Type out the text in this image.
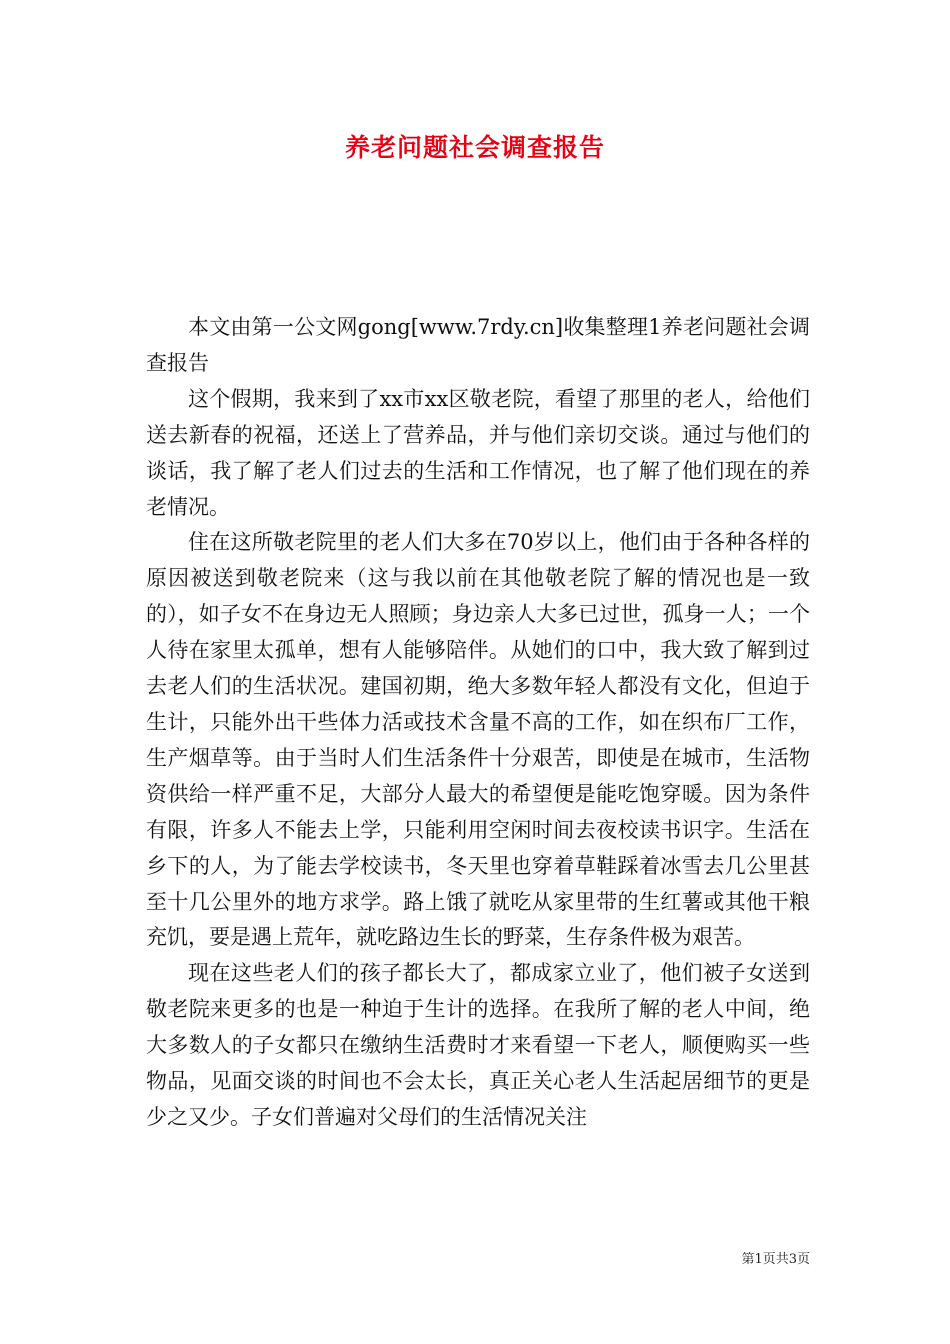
养老问题社会调查报告

本文由第一公文网gong[www.7rdy.cn]收集整理1养老问题社会调查报告

这个假期，我来到了xx市xx区敬老院，看望了那里的老人，给他们送去新春的祝福，还送上了营养品，并与他们亲切交谈。通过与他们的谈话，我了解了老人们过去的生活和工作情况，也了解了他们现在的养老情况。

住在这所敬老院里的老人们大多在70岁以上，他们由于各种各样的原因被送到敬老院来（这与我以前在其他敬老院了解的情况也是一致的），如子女不在身边无人照顾；身边亲人大多已过世，孤身一人；一个人待在家里太孤单，想有人能够陪伴。从她们的口中，我大致了解到过去老人们的生活状况。建国初期，绝大多数年轻人都没有文化，但迫于生计，只能外出干些体力活或技术含量不高的工作，如在织布厂工作，生产烟草等。由于当时人们生活条件十分艰苦，即使是在城市，生活物资供给一样严重不足，大部分人最大的希望便是能吃饱穿暖。因为条件有限，许多人不能去上学，只能利用空闲时间去夜校读书识字。生活在乡下的人，为了能去学校读书，冬天里也穿着草鞋踩着冰雪去几公里甚至十几公里外的地方求学。路上饿了就吃从家里带的生红薯或其他干粮充饥，要是遇上荒年，就吃路边生长的野菜，生存条件极为艰苦。

现在这些老人们的孩子都长大了，都成家立业了，他们被子女送到敬老院来更多的也是一种迫于生计的选择。在我所了解的老人中间，绝大多数人的子女都只在缴纳生活费时才来看望一下老人，顺便购买一些物品，见面交谈的时间也不会太长，真正关心老人生活起居细节的更是少之又少。子女们普遍对父母们的生活情况关注

第1页共3页
